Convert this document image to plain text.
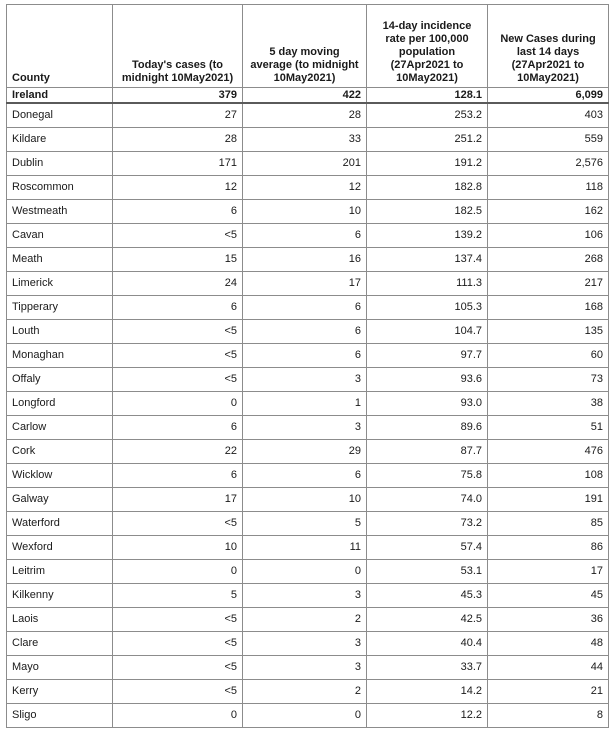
County	Today's cases (to midnight 10May2021)	5 day moving average (to midnight 10May2021)	14-day incidence rate per 100,000 population (27Apr2021 to 10May2021)	New Cases during last 14 days (27Apr2021 to 10May2021)
Ireland	379	422	128.1	6,099
Donegal	27	28	253.2	403
Kildare	28	33	251.2	559
Dublin	171	201	191.2	2,576
Roscommon	12	12	182.8	118
Westmeath	6	10	182.5	162
Cavan	<5	6	139.2	106
Meath	15	16	137.4	268
Limerick	24	17	111.3	217
Tipperary	6	6	105.3	168
Louth	<5	6	104.7	135
Monaghan	<5	6	97.7	60
Offaly	<5	3	93.6	73
Longford	0	1	93.0	38
Carlow	6	3	89.6	51
Cork	22	29	87.7	476
Wicklow	6	6	75.8	108
Galway	17	10	74.0	191
Waterford	<5	5	73.2	85
Wexford	10	11	57.4	86
Leitrim	0	0	53.1	17
Kilkenny	5	3	45.3	45
Laois	<5	2	42.5	36
Clare	<5	3	40.4	48
Mayo	<5	3	33.7	44
Kerry	<5	2	14.2	21
Sligo	0	0	12.2	8
